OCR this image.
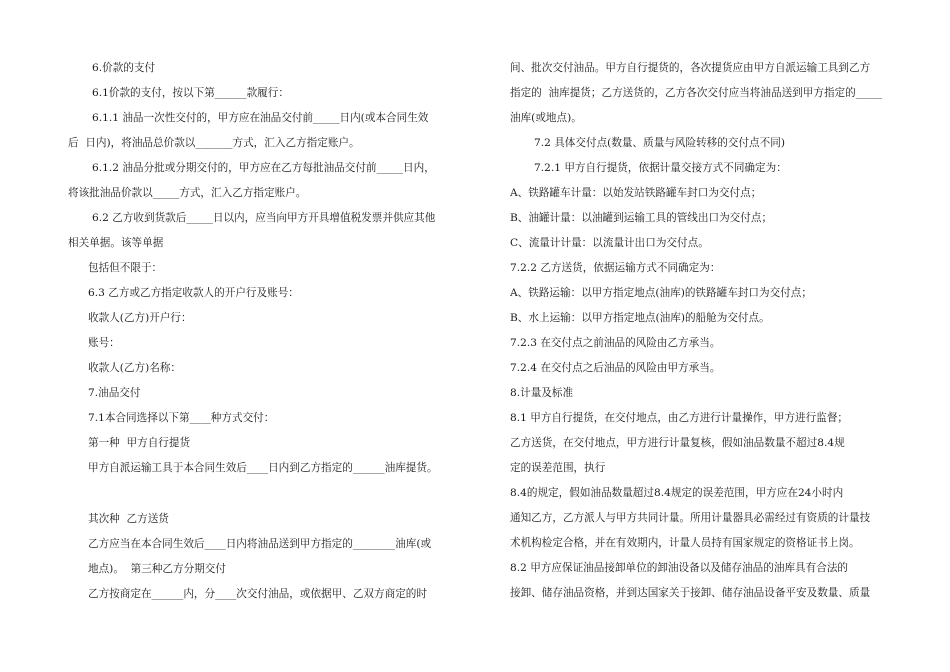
6.价款的支付
6.1价款的支付，按以下第______款履行：
6.1.1 油品一次性交付的，甲方应在油品交付前_____日内(或本合同生效
后  日内)，将油品总价款以_______方式，汇入乙方指定账户。
6.1.2 油品分批或分期交付的，甲方应在乙方每批油品交付前_____日内，
将该批油品价款以_____方式，汇入乙方指定账户。
6.2 乙方收到货款后_____日以内，应当向甲方开具增值税发票并供应其他
相关单据。该等单据
包括但不限于：
6.3 乙方或乙方指定收款人的开户行及账号：
收款人(乙方)开户行：
账号：
收款人(乙方)名称：
7.油品交付
7.1本合同选择以下第____种方式交付：
第一种  甲方自行提货
甲方自派运输工具于本合同生效后____日内到乙方指定的______油库提货。
其次种  乙方送货
乙方应当在本合同生效后____日内将油品送到甲方指定的________油库(或
地点)。  第三种乙方分期交付
乙方按商定在______内，分____次交付油品，或依据甲、乙双方商定的时
间、批次交付油品。甲方自行提货的，各次提货应由甲方自派运输工具到乙方
指定的  油库提货；乙方送货的，乙方各次交付应当将油品送到甲方指定的_____
油库(或地点)。
7.2 具体交付点(数量、质量与风险转移的交付点不同)
7.2.1 甲方自行提货，依据计量交接方式不同确定为：
A、铁路罐车计量：以始发站铁路罐车封口为交付点；
B、油罐计量：以油罐到运输工具的管线出口为交付点；
C、流量计计量：以流量计出口为交付点。
7.2.2 乙方送货，依据运输方式不同确定为：
A、铁路运输：以甲方指定地点(油库)的铁路罐车封口为交付点；
B、水上运输：以甲方指定地点(油库)的船舱为交付点。
7.2.3 在交付点之前油品的风险由乙方承当。
7.2.4 在交付点之后油品的风险由甲方承当。
8.计量及标准
8.1 甲方自行提货，在交付地点，由乙方进行计量操作，甲方进行监督；
乙方送货，在交付地点，甲方进行计量复核，假如油品数量不超过8.4规
定的误差范围，执行
8.4的规定，假如油品数量超过8.4规定的误差范围，甲方应在24小时内
通知乙方，乙方派人与甲方共同计量。所用计量器具必需经过有资质的计量技
术机构检定合格，并在有效期内，计量人员持有国家规定的资格证书上岗。
8.2 甲方应保证油品接卸单位的卸油设备以及储存油品的油库具有合法的
接卸、储存油品资格，并到达国家关于接卸、储存油品设备平安及数量、质量
